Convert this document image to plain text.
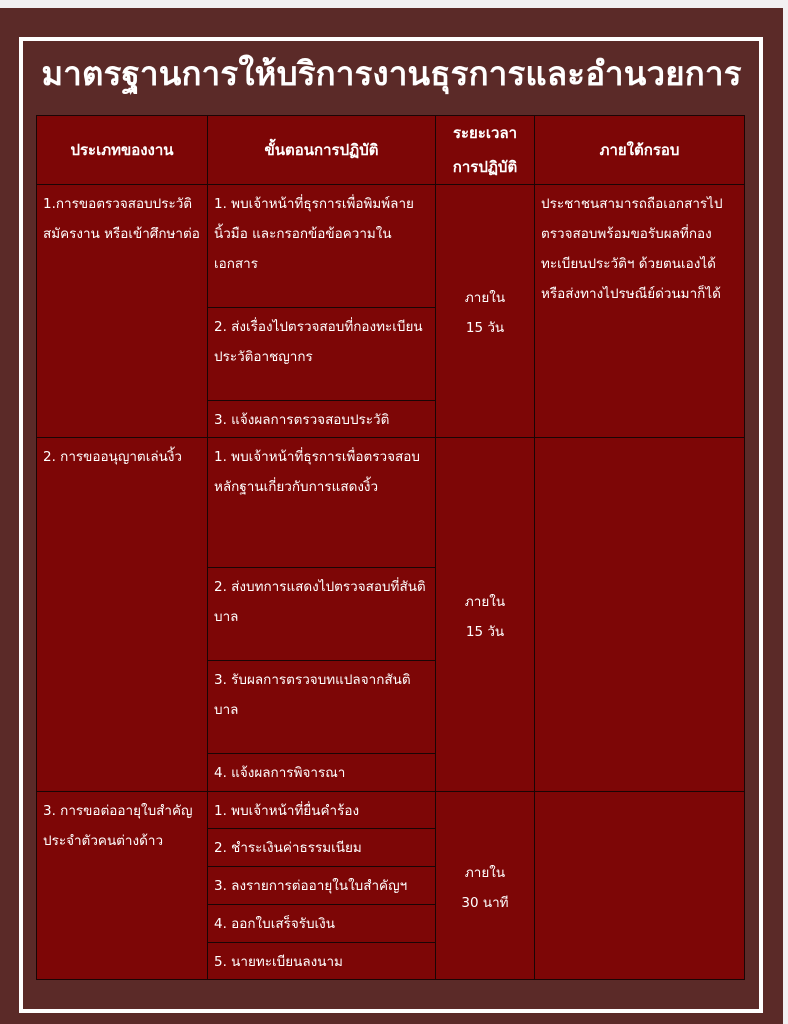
มาตรฐานการให้บริการงานธุรการและอำนวยการ
ประเภทของงาน	ขั้นตอนการปฏิบัติ	ระยะเวลา
การปฏิบัติ	ภายใต้กรอบ
1.การขอตรวจสอบประวัติ สมัครงาน หรือเข้าศึกษาต่อ	1. พบเจ้าหน้าที่ธุรการเพื่อพิมพ์ลายนิ้วมือ และกรอกข้อข้อความในเอกสาร	ภายใน
15 วัน	ประชาชนสามารถถือเอกสารไปตรวจสอบพร้อมขอรับผลที่กองทะเบียนประวัติฯ ด้วยตนเองได้หรือส่งทางไปรษณีย์ด่วนมาก็ได้
	2. ส่งเรื่องไปตรวจสอบที่กองทะเบียน ประวัติอาชญากร		
	3. แจ้งผลการตรวจสอบประวัติ		
2. การขออนุญาตเล่นงิ้ว	1. พบเจ้าหน้าที่ธุรการเพื่อตรวจสอบ หลักฐานเกี่ยวกับการแสดงงิ้ว	ภายใน
15 วัน	

	2. ส่งบทการแสดงไปตรวจสอบที่สันติบาล		
	3. รับผลการตรวจบทแปลจากสันติบาล		
	4. แจ้งผลการพิจารณา		
3. การขอต่ออายุใบสำคัญประจำตัวคนต่างด้าว	1. พบเจ้าหน้าที่ยื่นคำร้อง	ภายใน
30 นาที	

	2. ชำระเงินค่าธรรมเนียม		
	3. ลงรายการต่ออายุในใบสำคัญฯ		
	4. ออกใบเสร็จรับเงิน		
	5. นายทะเบียนลงนาม		
